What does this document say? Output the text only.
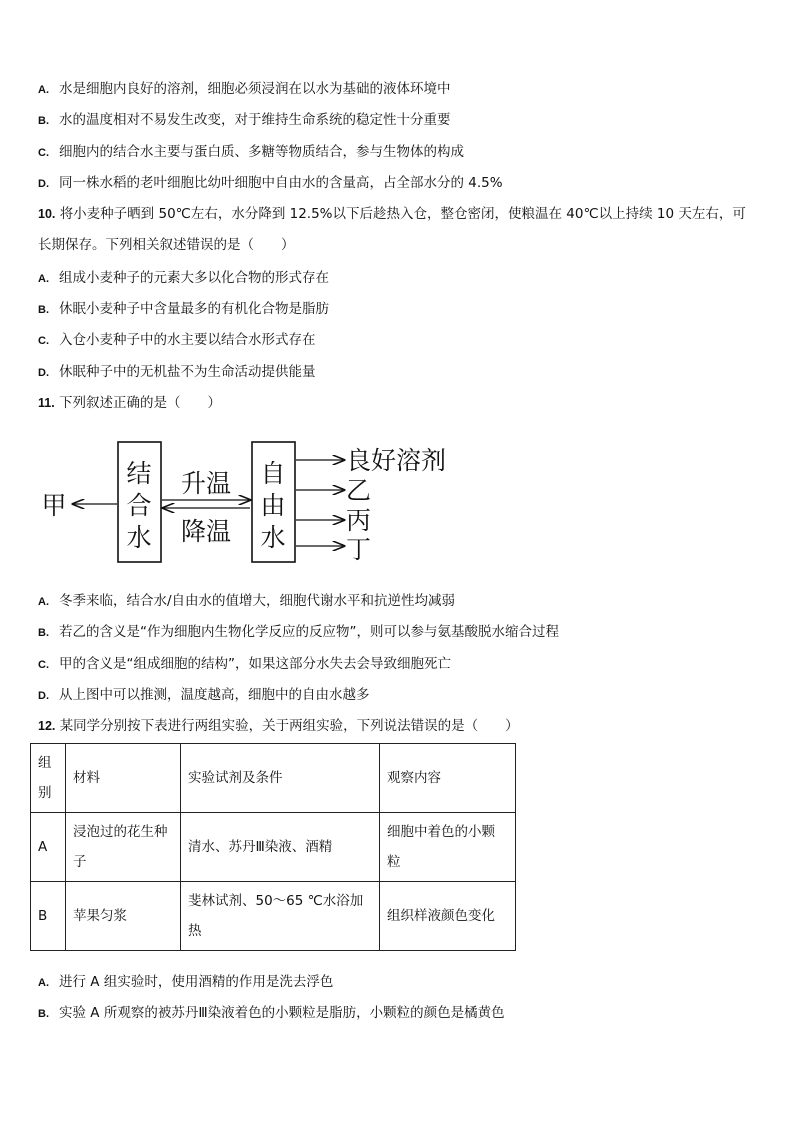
A. 水是细胞内良好的溶剂，细胞必须浸润在以水为基础的液体环境中
B. 水的温度相对不易发生改变，对于维持生命系统的稳定性十分重要
C. 细胞内的结合水主要与蛋白质、多糖等物质结合，参与生物体的构成
D. 同一株水稻的老叶细胞比幼叶细胞中自由水的含量高，占全部水分的 4.5%
10. 将小麦种子晒到 50℃左右，水分降到 12.5%以下后趁热入仓，整仓密闭，使粮温在 40℃以上持续 10 天左右，可长期保存。下列相关叙述错误的是（　　）
A. 组成小麦种子的元素大多以化合物的形式存在
B. 休眠小麦种子中含量最多的有机化合物是脂肪
C. 入仓小麦种子中的水主要以结合水形式存在
D. 休眠种子中的无机盐不为生命活动提供能量
11. 下列叙述正确的是（　　）
结
合
水
自
由
水
升温
降温
甲
良好溶剂
乙
丙
丁
A. 冬季来临，结合水/自由水的值增大，细胞代谢水平和抗逆性均减弱
B. 若乙的含义是“作为细胞内生物化学反应的反应物”，则可以参与氨基酸脱水缩合过程
C. 甲的含义是“组成细胞的结构”，如果这部分水失去会导致细胞死亡
D. 从上图中可以推测，温度越高，细胞中的自由水越多
12. 某同学分别按下表进行两组实验，关于两组实验，下列说法错误的是（　　）
组别	材料	实验试剂及条件	观察内容
A	浸泡过的花生种子	清水、苏丹Ⅲ染液、酒精	细胞中着色的小颗粒
B	苹果匀浆	斐林试剂、50～65 ℃水浴加热	组织样液颜色变化
A. 进行 A 组实验时，使用酒精的作用是洗去浮色
B. 实验 A 所观察的被苏丹Ⅲ染液着色的小颗粒是脂肪，小颗粒的颜色是橘黄色
